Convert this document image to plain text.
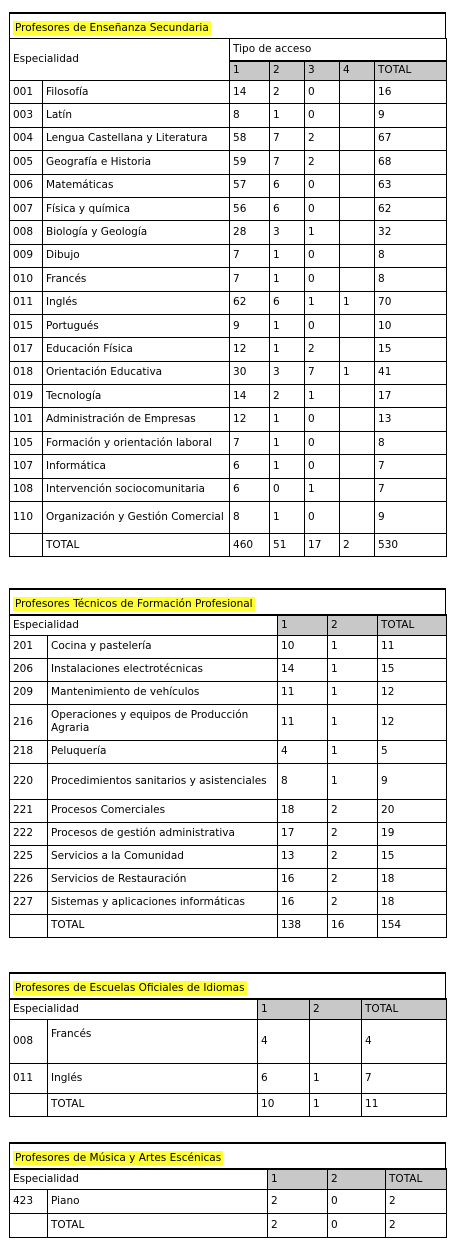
Profesores de Enseñanza Secundaria
Especialidad		Tipo de acceso				
		1	2	3	4	TOTAL
001	Filosofía	14	2	0		16
003	Latín	8	1	0		9
004	Lengua Castellana y Literatura	58	7	2		67
005	Geografía e Historia	59	7	2		68
006	Matemáticas	57	6	0		63
007	Física y química	56	6	0		62
008	Biología y Geología	28	3	1		32
009	Dibujo	7	1	0		8
010	Francés	7	1	0		8
011	Inglés	62	6	1	1	70
015	Portugués	9	1	0		10
017	Educación Física	12	1	2		15
018	Orientación Educativa	30	3	7	1	41
019	Tecnología	14	2	1		17
101	Administración de Empresas	12	1	0		13
105	Formación y orientación laboral	7	1	0		8
107	Informática	6	1	0		7
108	Intervención sociocomunitaria	6	0	1		7
110	Organización y Gestión Comercial	8	1	0		9
	TOTAL	460	51	17	2	530
Profesores Técnicos de Formación Profesional
Especialidad		1	2	TOTAL
201	Cocina y pastelería	10	1	11
206	Instalaciones electrotécnicas	14	1	15
209	Mantenimiento de vehículos	11	1	12
216	Operaciones y equipos de Producción Agraria	11	1	12
218	Peluquería	4	1	5
220	Procedimientos sanitarios y asistenciales	8	1	9
221	Procesos Comerciales	18	2	20
222	Procesos de gestión administrativa	17	2	19
225	Servicios a la Comunidad	13	2	15
226	Servicios de Restauración	16	2	18
227	Sistemas y aplicaciones informáticas	16	2	18
	TOTAL	138	16	154
Profesores de Escuelas Oficiales de Idiomas
Especialidad		1	2	TOTAL
008	Francés	4		4
011	Inglés	6	1	7
	TOTAL	10	1	11
Profesores de Música y Artes Escénicas
Especialidad		1	2	TOTAL
423	Piano	2	0	2
	TOTAL	2	0	2
